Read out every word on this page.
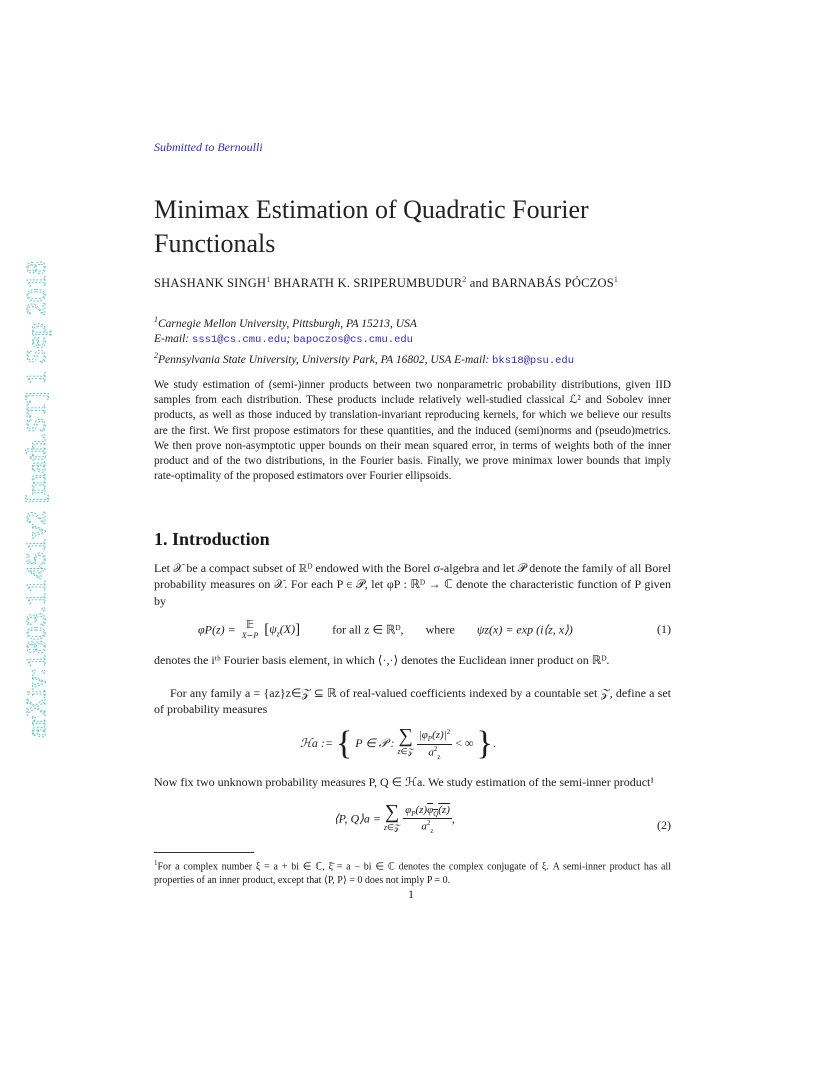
arXiv:1803.11451v2 [math.ST] 1 Sep 2018
Submitted to Bernoulli
Minimax Estimation of Quadratic Fourier Functionals
SHASHANK SINGH$^1$ BHARATH K. SRIPERUMBUDUR$^2$ and BARNABÁS PÓCZOS$^1$
$^1$Carnegie Mellon University, Pittsburgh, PA 15213, USA
E-mail: sss1@cs.cmu.edu; bapoczos@cs.cmu.edu
$^2$Pennsylvania State University, University Park, PA 16802, USA E-mail: bks18@psu.edu

We study estimation of (semi-)inner products between two nonparametric probability distributions, given IID samples from each distribution. These products include relatively well-studied classical ℒ² and Sobolev inner products, as well as those induced by translation-invariant reproducing kernels, for which we believe our results are the first. We first propose estimators for these quantities, and the induced (semi)norms and (pseudo)metrics. We then prove non-asymptotic upper bounds on their mean squared error, in terms of weights both of the inner product and of the two distributions, in the Fourier basis. Finally, we prove minimax lower bounds that imply rate-optimality of the proposed estimators over Fourier ellipsoids.

1. Introduction

Let 𝒳 be a compact subset of ℝᴰ endowed with the Borel σ-algebra and let 𝒫 denote the family of all Borel probability measures on 𝒳. For each P ∈ 𝒫, let φP : ℝᴰ → ℂ denote the characteristic function of P given by

φP(z) = 𝔼
X∼P $[\psi_z(X)]$	for all z ∈ ℝᴰ, where ψz(x) = exp (i⟨z, x⟩)	(1)

denotes the iᵗʰ Fourier basis element, in which ⟨·,·⟩ denotes the Euclidean inner product on ℝᴰ.

For any family a = {az}z∈𝒵 ⊆ ℝ of real-valued coefficients indexed by a countable set 𝒵, define a set of probability measures

ℋa := { P ∈ 𝒫 : ∑
z∈𝒵 $\frac{|\varphi_P(z)|^2}{a^2_z}$ < ∞ }.

Now fix two unknown probability measures P, Q ∈ ℋa. We study estimation of the semi-inner product¹

⟨P, Q⟩a = ∑
z∈𝒵 $\frac{\varphi_P(z)\varphi_Q(z)}{a^2_z}$ ,	(2)

$^1$For a complex number ξ = a + bi ∈ ℂ, ξ̄ = a − bi ∈ ℂ denotes the complex conjugate of ξ. A semi-inner product has all properties of an inner product, except that ⟨P, P⟩ = 0 does not imply P = 0.

1
